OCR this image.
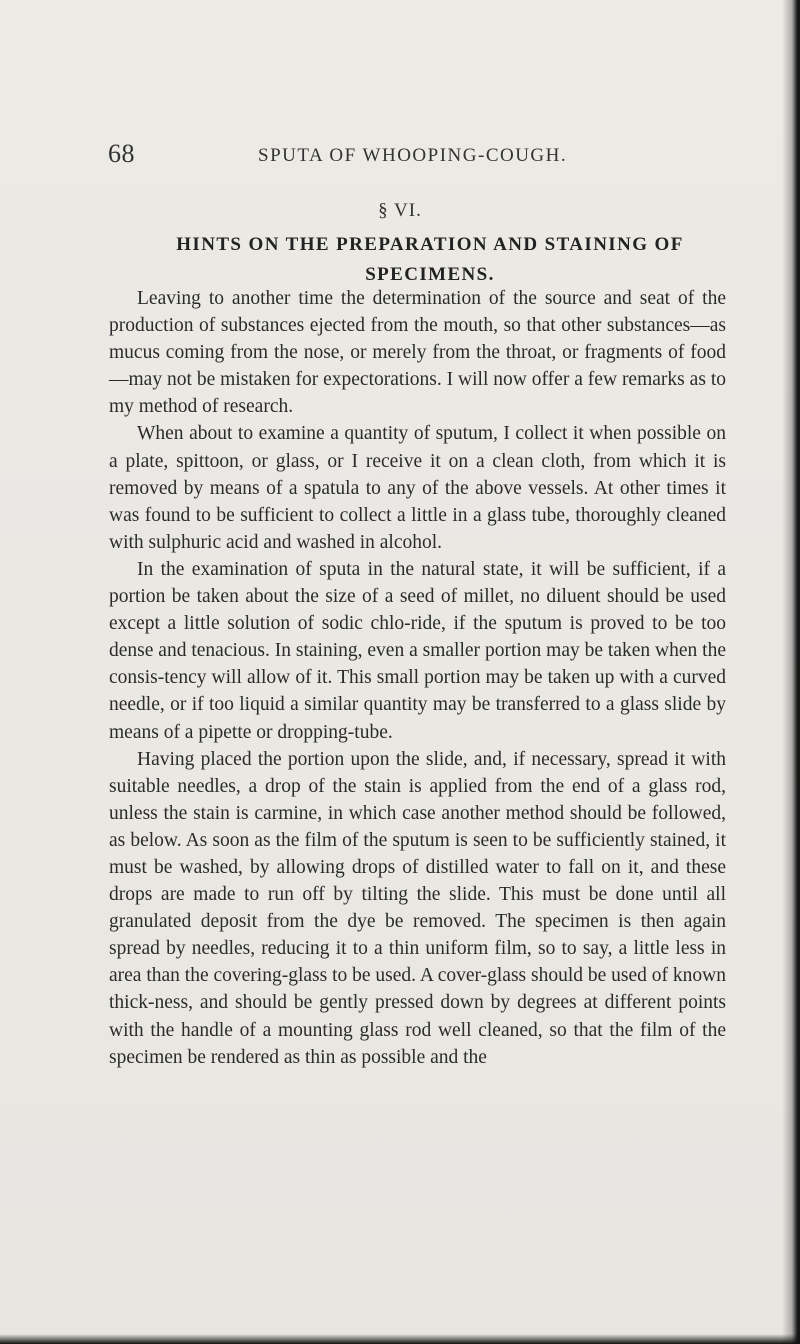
68	SPUTA OF WHOOPING-COUGH.
§ VI.
HINTS ON THE PREPARATION AND STAINING OF SPECIMENS.

Leaving to another time the determination of the source and seat of the production of substances ejected from the mouth, so that other substances—as mucus coming from the nose, or merely from the throat, or fragments of food—may not be mistaken for expectorations. I will now offer a few remarks as to my method of research.

When about to examine a quantity of sputum, I collect it when possible on a plate, spittoon, or glass, or I receive it on a clean cloth, from which it is removed by means of a spatula to any of the above vessels. At other times it was found to be sufficient to collect a little in a glass tube, thoroughly cleaned with sulphuric acid and washed in alcohol.

In the examination of sputa in the natural state, it will be sufficient, if a portion be taken about the size of a seed of millet, no diluent should be used except a little solution of sodic chlo-ride, if the sputum is proved to be too dense and tenacious. In staining, even a smaller portion may be taken when the consis-tency will allow of it. This small portion may be taken up with a curved needle, or if too liquid a similar quantity may be transferred to a glass slide by means of a pipette or dropping-tube.

Having placed the portion upon the slide, and, if necessary, spread it with suitable needles, a drop of the stain is applied from the end of a glass rod, unless the stain is carmine, in which case another method should be followed, as below. As soon as the film of the sputum is seen to be sufficiently stained, it must be washed, by allowing drops of distilled water to fall on it, and these drops are made to run off by tilting the slide. This must be done until all granulated deposit from the dye be removed. The specimen is then again spread by needles, reducing it to a thin uniform film, so to say, a little less in area than the covering-glass to be used. A cover-glass should be used of known thick-ness, and should be gently pressed down by degrees at different points with the handle of a mounting glass rod well cleaned, so that the film of the specimen be rendered as thin as possible and the
